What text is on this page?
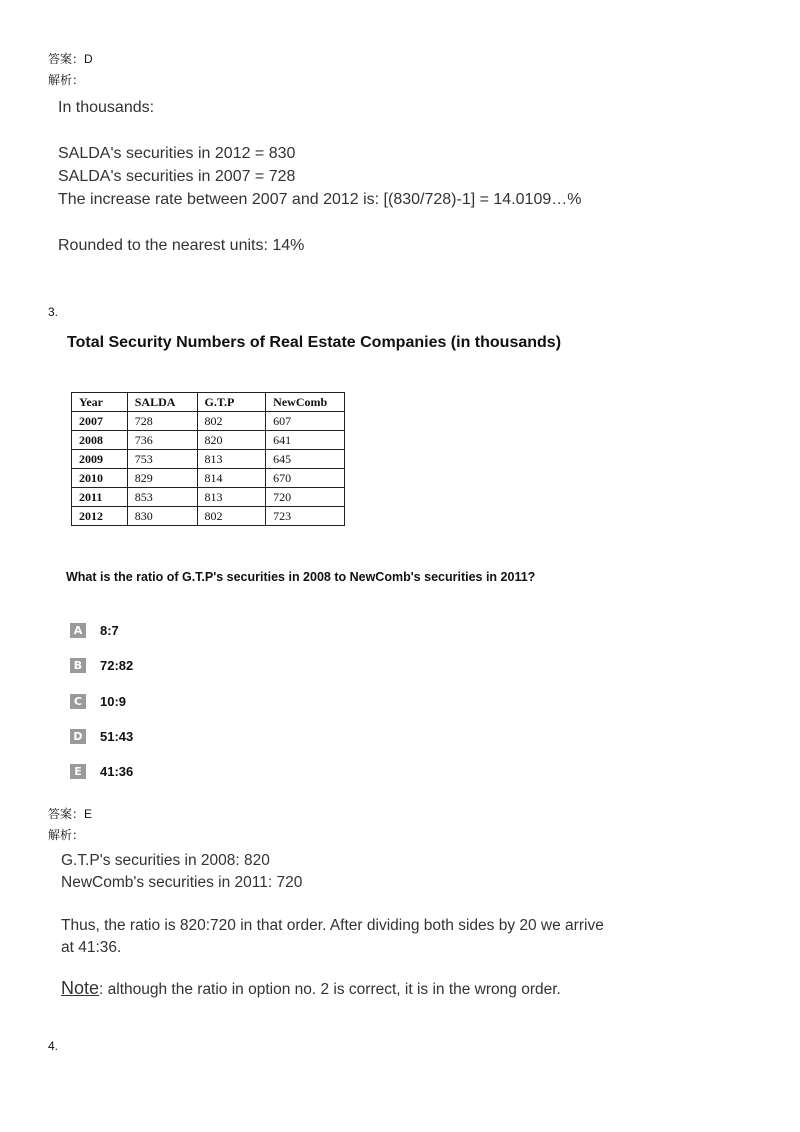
答案：D
解析：
In thousands:
SALDA's securities in 2012 = 830
SALDA's securities in 2007 = 728
The increase rate between 2007 and 2012 is: [(830/728)-1] = 14.0109…%
Rounded to the nearest units: 14%
3.
Total Security Numbers of Real Estate Companies (in thousands)
Year	SALDA	G.T.P	NewComb
2007	728	802	607
2008	736	820	641
2009	753	813	645
2010	829	814	670
2011	853	813	720
2012	830	802	723
What is the ratio of G.T.P's securities in 2008 to NewComb's securities in 2011?
A 8:7
B 72:82
C	10:9
D 51:43
E	41:36
答案：E
解析：
G.T.P's securities in 2008: 820
NewComb's securities in 2011: 720
Thus, the ratio is 820:720 in that order. After dividing both sides by 20 we arrive
at 41:36.
Note: although the ratio in option no. 2 is correct, it is in the wrong order.
4.
